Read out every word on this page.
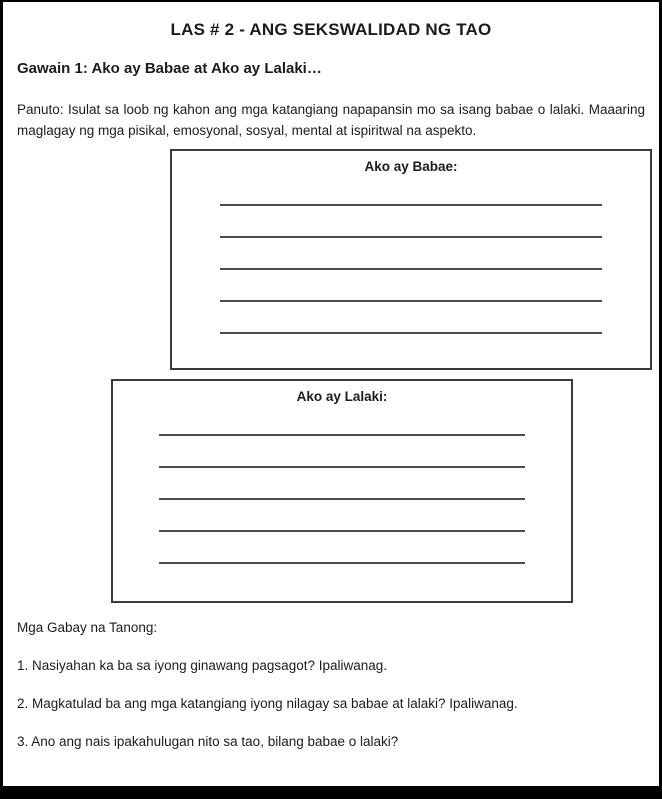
LAS # 2 - ANG SEKSWALIDAD NG TAO
Gawain 1: Ako ay Babae at Ako ay Lalaki…

Panuto: Isulat sa loob ng kahon ang mga katangiang napapansin mo sa isang babae o lalaki. Maaaring maglagay ng mga pisikal, emosyonal, sosyal, mental at ispiritwal na aspekto.

Ako ay Babae:
Ako ay Lalaki:
Mga Gabay na Tanong:

1. Nasiyahan ka ba sa iyong ginawang pagsagot? Ipaliwanag.

2. Magkatulad ba ang mga katangiang iyong nilagay sa babae at lalaki? Ipaliwanag.

3. Ano ang nais ipakahulugan nito sa tao, bilang babae o lalaki?
